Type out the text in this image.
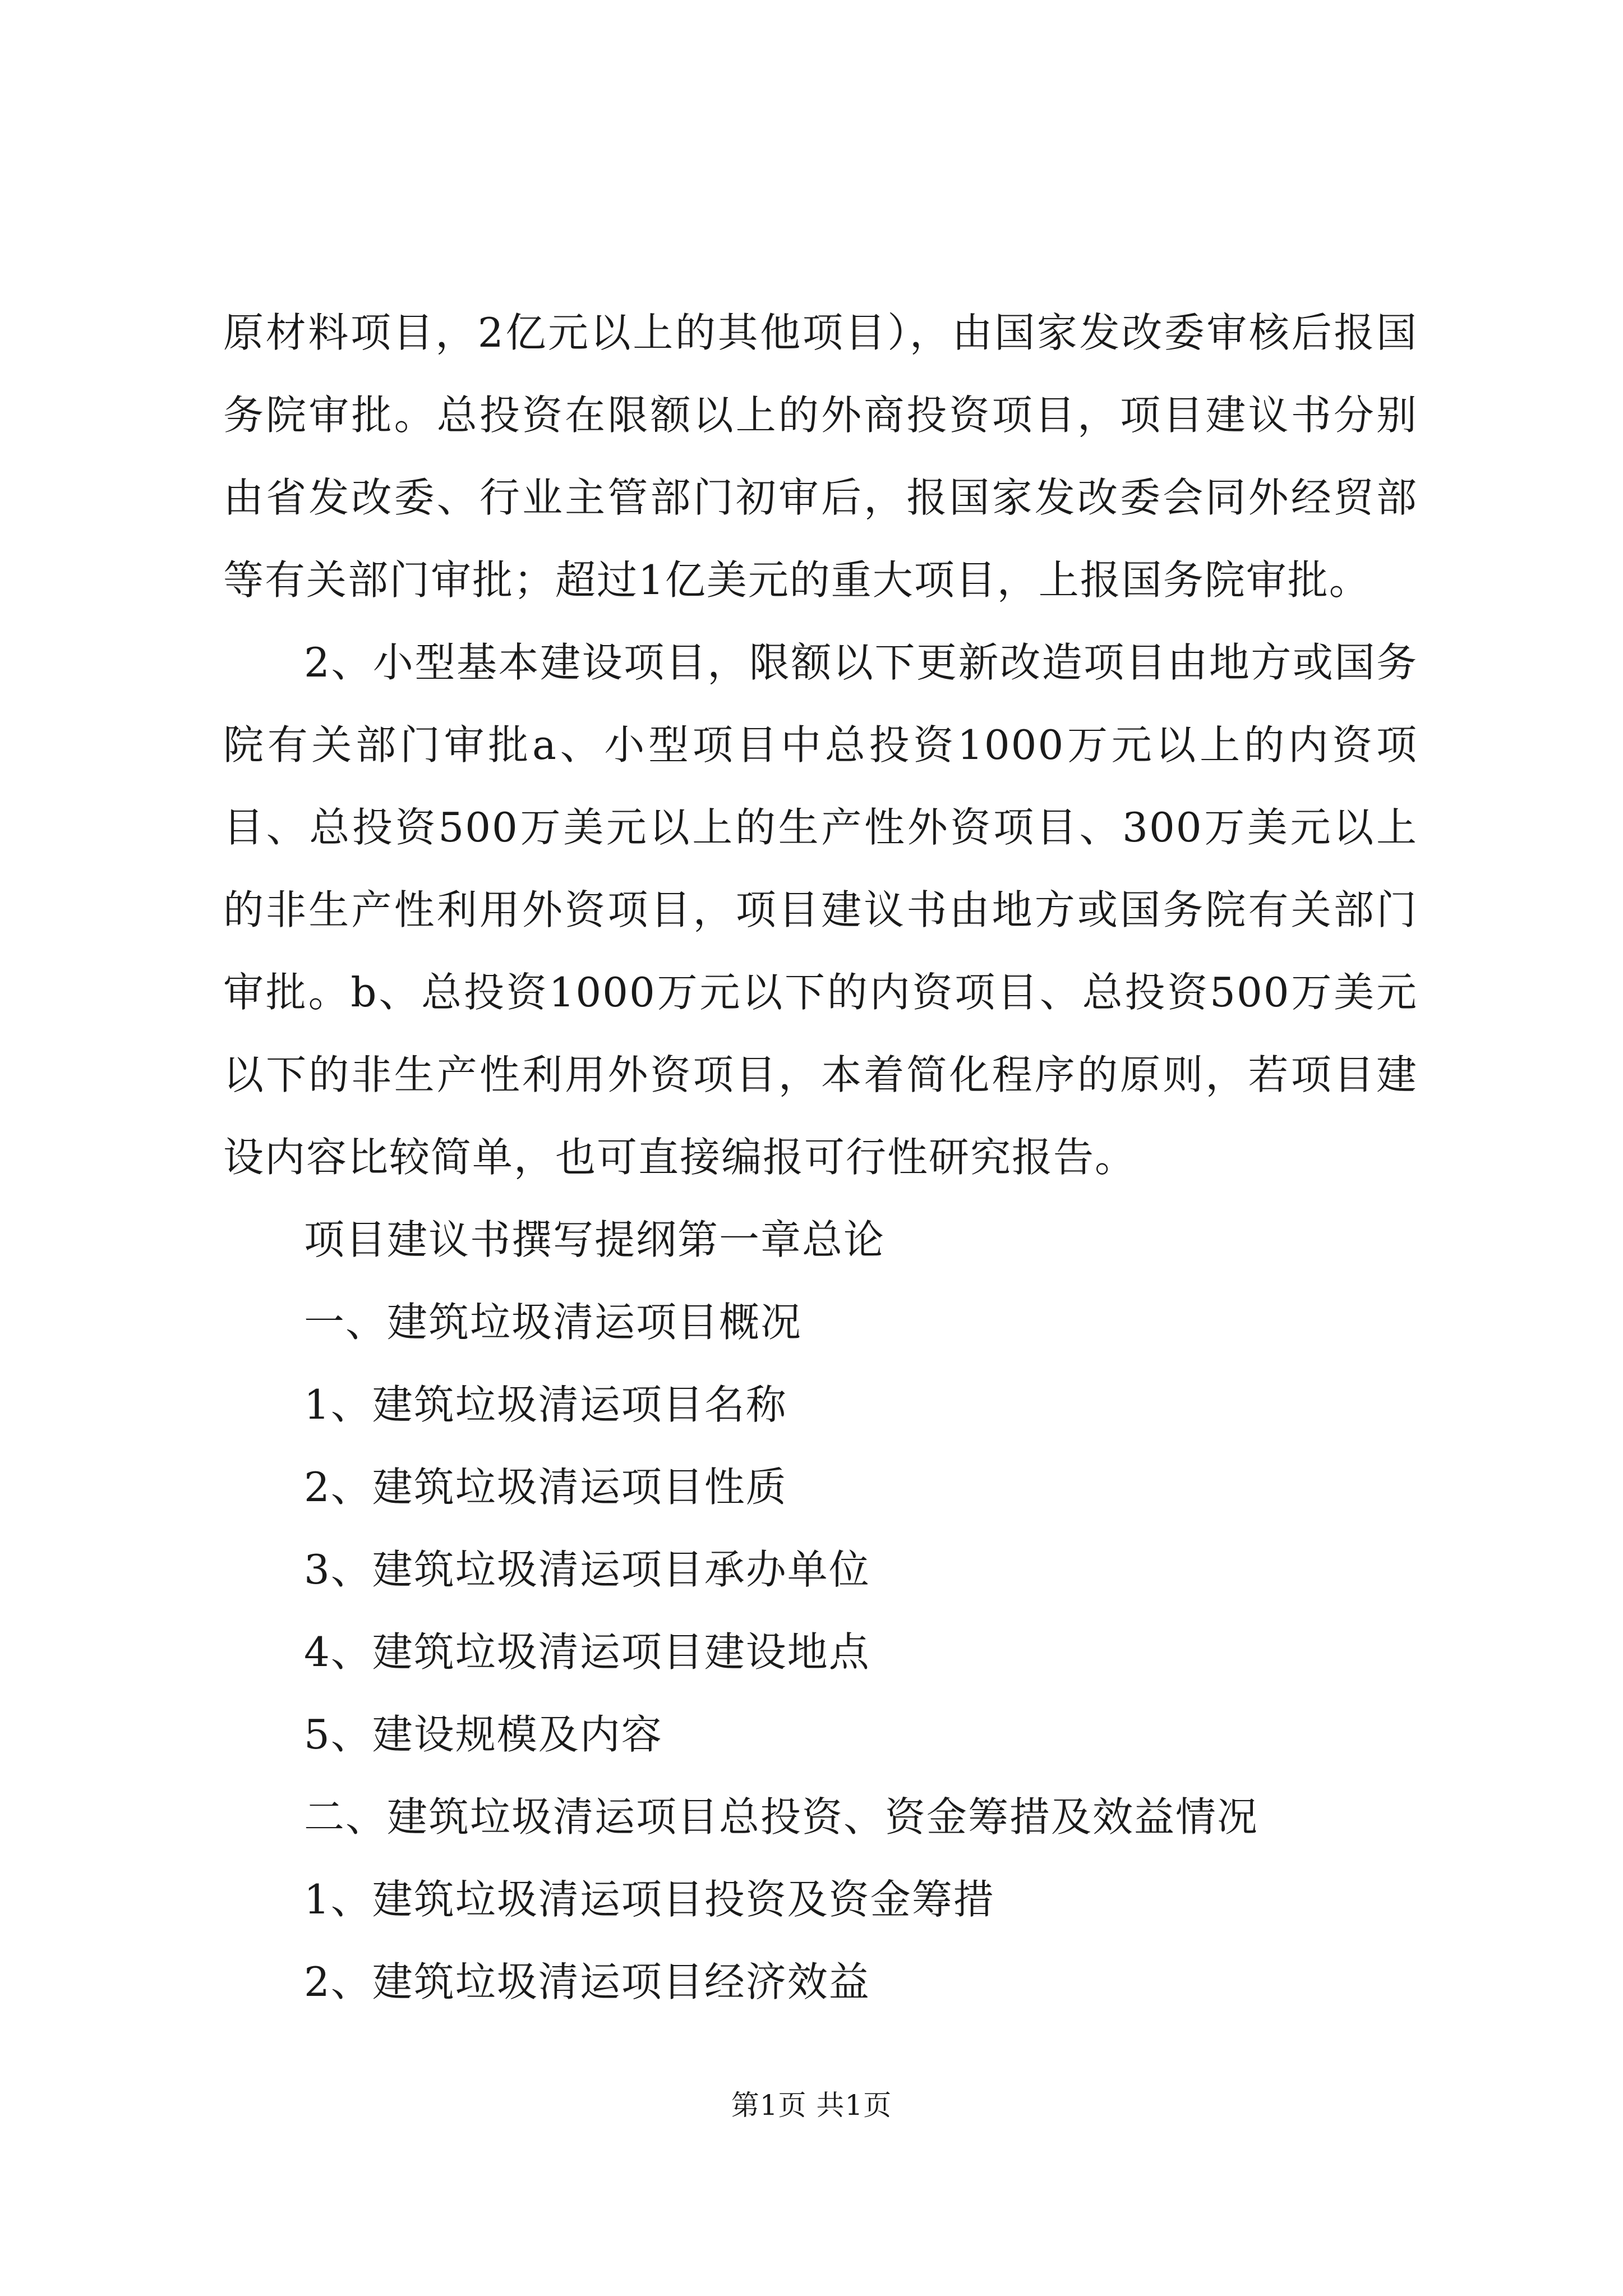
原材料项目，2亿元以上的其他项目），由国家发改委审核后报国务院审批。总投资在限额以上的外商投资项目，项目建议书分别由省发改委、行业主管部门初审后，报国家发改委会同外经贸部等有关部门审批；超过1亿美元的重大项目，上报国务院审批。

2、小型基本建设项目，限额以下更新改造项目由地方或国务院有关部门审批a、小型项目中总投资1000万元以上的内资项目、总投资500万美元以上的生产性外资项目、300万美元以上的非生产性利用外资项目，项目建议书由地方或国务院有关部门审批。b、总投资1000万元以下的内资项目、总投资500万美元以下的非生产性利用外资项目，本着简化程序的原则，若项目建设内容比较简单，也可直接编报可行性研究报告。

项目建议书撰写提纲第一章总论

一、建筑垃圾清运项目概况

1、建筑垃圾清运项目名称

2、建筑垃圾清运项目性质

3、建筑垃圾清运项目承办单位

4、建筑垃圾清运项目建设地点

5、建设规模及内容

二、建筑垃圾清运项目总投资、资金筹措及效益情况

1、建筑垃圾清运项目投资及资金筹措

2、建筑垃圾清运项目经济效益

第1页 共1页
